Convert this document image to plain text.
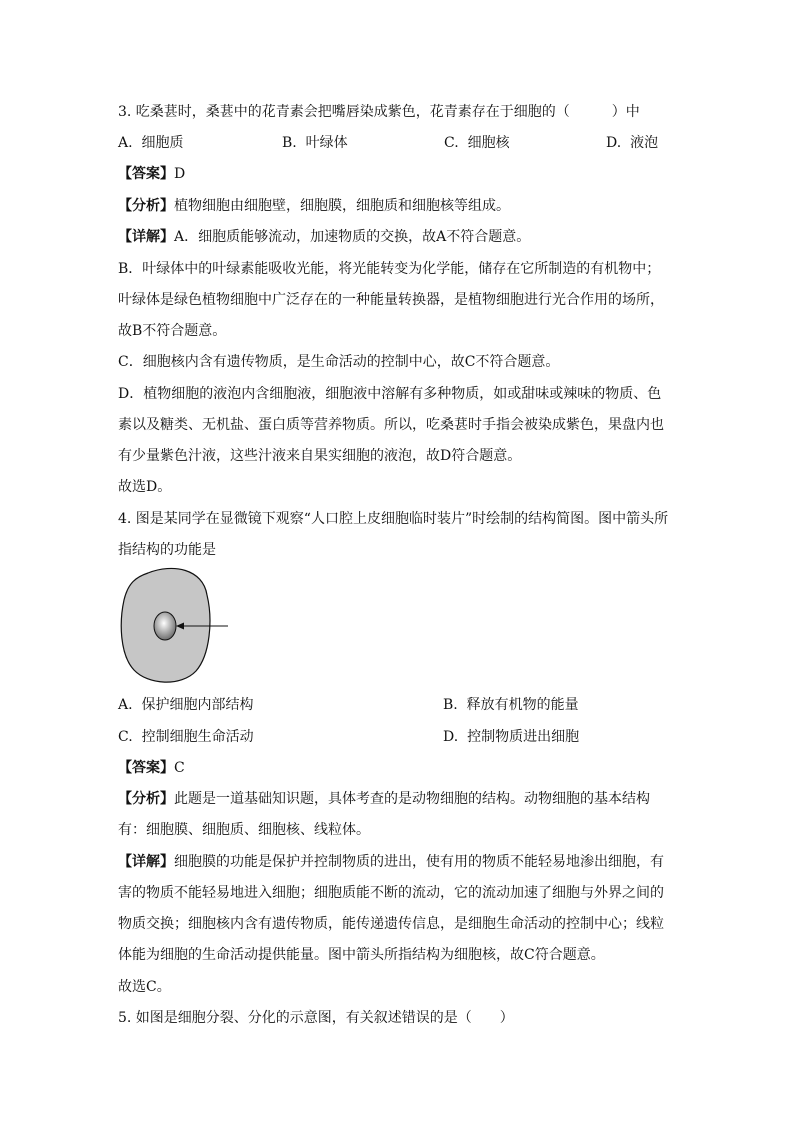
3. 吃桑葚时，桑葚中的花青素会把嘴唇染成紫色，花青素存在于细胞的（　　　）中
A. 细胞质	B. 叶绿体	C. 细胞核	D. 液泡
【答案】D
【分析】植物细胞由细胞壁，细胞膜，细胞质和细胞核等组成。
【详解】A．细胞质能够流动，加速物质的交换，故A不符合题意。
B．叶绿体中的叶绿素能吸收光能，将光能转变为化学能，储存在它所制造的有机物中；
叶绿体是绿色植物细胞中广泛存在的一种能量转换器，是植物细胞进行光合作用的场所，
故B不符合题意。
C．细胞核内含有遗传物质，是生命活动的控制中心，故C不符合题意。
D．植物细胞的液泡内含细胞液，细胞液中溶解有多种物质，如或甜味或辣味的物质、色
素以及糖类、无机盐、蛋白质等营养物质。所以，吃桑葚时手指会被染成紫色，果盘内也
有少量紫色汁液，这些汁液来自果实细胞的液泡，故D符合题意。
故选D。
4. 图是某同学在显微镜下观察“人口腔上皮细胞临时装片”时绘制的结构简图。图中箭头所
指结构的功能是
A. 保护细胞内部结构	B. 释放有机物的能量
C. 控制细胞生命活动	D. 控制物质进出细胞
【答案】C
【分析】此题是一道基础知识题，具体考查的是动物细胞的结构。动物细胞的基本结构
有：细胞膜、细胞质、细胞核、线粒体。
【详解】细胞膜的功能是保护并控制物质的进出，使有用的物质不能轻易地渗出细胞，有
害的物质不能轻易地进入细胞；细胞质能不断的流动，它的流动加速了细胞与外界之间的
物质交换；细胞核内含有遗传物质，能传递遗传信息，是细胞生命活动的控制中心；线粒
体能为细胞的生命活动提供能量。图中箭头所指结构为细胞核，故C符合题意。
故选C。
5. 如图是细胞分裂、分化的示意图，有关叙述错误的是（　　）
